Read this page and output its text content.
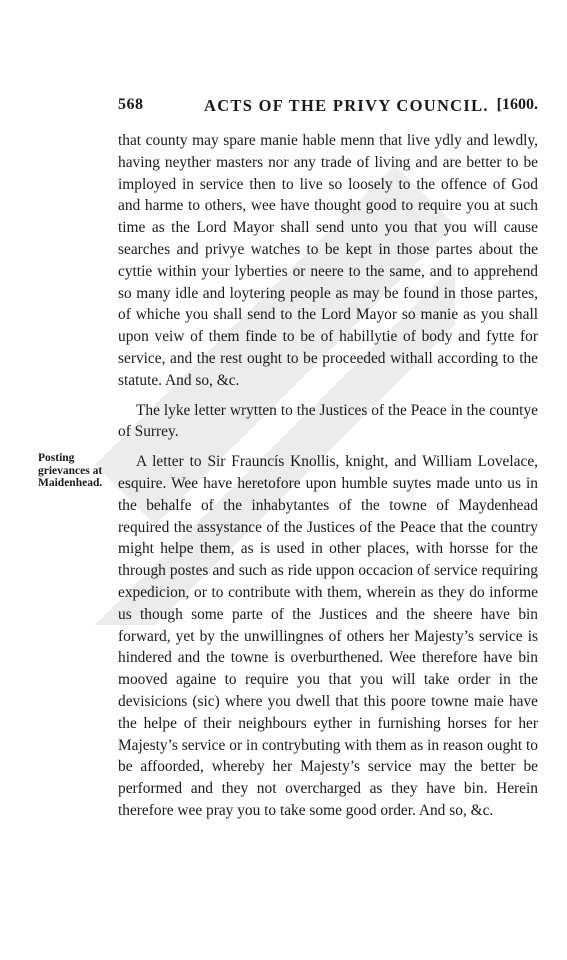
568	ACTS OF THE PRIVY COUNCIL. [1600.
Posting grievances at Maidenhead.

that county may spare manie hable menn that live ydly and lewdly, having neyther masters nor any trade of living and are better to be imployed in service then to live so loosely to the offence of God and harme to others, wee have thought good to require you at such time as the Lord Mayor shall send unto you that you will cause searches and privye watches to be kept in those partes about the cyttie within your lyberties or neere to the same, and to apprehend so many idle and loytering people as may be found in those partes, of whiche you shall send to the Lord Mayor so manie as you shall upon veiw of them finde to be of habillytie of body and fytte for service, and the rest ought to be proceeded withall according to the statute. And so, &c.

The lyke letter wrytten to the Justices of the Peace in the countye of Surrey.

A letter to Sir Frauncís Knollis, knight, and William Lovelace, esquire. Wee have heretofore upon humble suytes made unto us in the behalfe of the inhabytantes of the towne of Maydenhead required the assystance of the Justices of the Peace that the country might helpe them, as is used in other places, with horsse for the through postes and such as ride uppon occacion of service requiring expedicion, or to contribute with them, wherein as they do informe us though some parte of the Justices and the sheere have bin forward, yet by the unwillingnes of others her Majesty’s service is hindered and the towne is overburthened. Wee therefore have bin mooved againe to require you that you will take order in the devisicions (sic) where you dwell that this poore towne maie have the helpe of their neighbours eyther in furnishing horses for her Majesty’s service or in contrybuting with them as in reason ought to be affoorded, whereby her Majesty’s service may the better be performed and they not overcharged as they have bin. Herein therefore wee pray you to take some good order. And so, &c.
